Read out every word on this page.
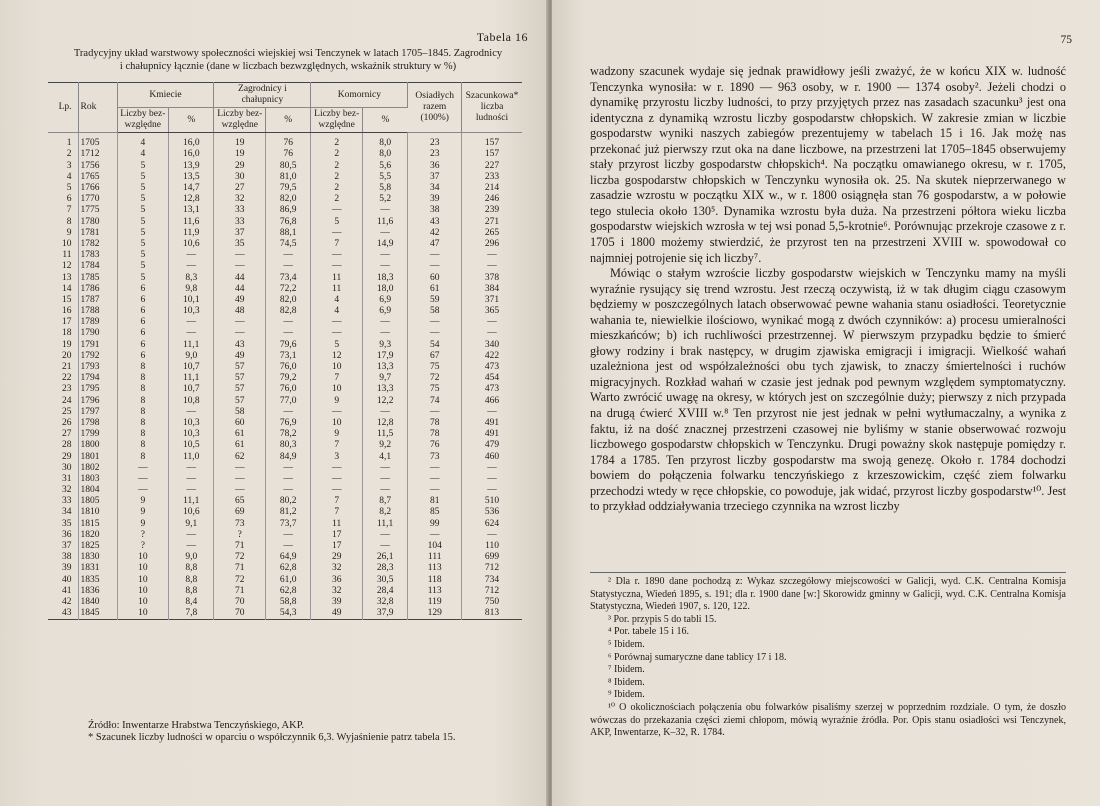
Tabela 16
Tradycyjny układ warstwowy społeczności wiejskiej wsi Tenczynek w latach 1705–1845. Zagrodnicy
i chałupnicy łącznie (dane w liczbach bezwzględnych, wskaźnik struktury w %)
Lp.	Rok	Kmiecie		Zagrodnicy i chałupnicy		Komornicy		Osiadłych razem (100%)	Szacunkowa* liczba ludności
		Liczby bez-względne	%	Liczby bez-względne	%	Liczby bez-względne	%		
1	1705	4	16,0	19	76	2	8,0	23	157
2	1712	4	16,0	19	76	2	8,0	23	157
3	1756	5	13,9	29	80,5	2	5,6	36	227
4	1765	5	13,5	30	81,0	2	5,5	37	233
5	1766	5	14,7	27	79,5	2	5,8	34	214
6	1770	5	12,8	32	82,0	2	5,2	39	246
7	1775	5	13,1	33	86,9	—	—	38	239
8	1780	5	11,6	33	76,8	5	11,6	43	271
9	1781	5	11,9	37	88,1	—	—	42	265
10	1782	5	10,6	35	74,5	7	14,9	47	296
11	1783	5	—	—	—	—	—	—	—
12	1784	5	—	—	—	—	—	—	—
13	1785	5	8,3	44	73,4	11	18,3	60	378
14	1786	6	9,8	44	72,2	11	18,0	61	384
15	1787	6	10,1	49	82,0	4	6,9	59	371
16	1788	6	10,3	48	82,8	4	6,9	58	365
17	1789	6	—	—	—	—	—	—	—
18	1790	6	—	—	—	—	—	—	—
19	1791	6	11,1	43	79,6	5	9,3	54	340
20	1792	6	9,0	49	73,1	12	17,9	67	422
21	1793	8	10,7	57	76,0	10	13,3	75	473
22	1794	8	11,1	57	79,2	7	9,7	72	454
23	1795	8	10,7	57	76,0	10	13,3	75	473
24	1796	8	10,8	57	77,0	9	12,2	74	466
25	1797	8	—	58	—	—	—	—	—
26	1798	8	10,3	60	76,9	10	12,8	78	491
27	1799	8	10,3	61	78,2	9	11,5	78	491
28	1800	8	10,5	61	80,3	7	9,2	76	479
29	1801	8	11,0	62	84,9	3	4,1	73	460
30	1802	—	—	—	—	—	—	—	—
31	1803	—	—	—	—	—	—	—	—
32	1804	—	—	—	—	—	—	—	—
33	1805	9	11,1	65	80,2	7	8,7	81	510
34	1810	9	10,6	69	81,2	7	8,2	85	536
35	1815	9	9,1	73	73,7	11	11,1	99	624
36	1820	?	—	?	—	17	—	—	—
37	1825	?	—	71	—	17	—	104	110
38	1830	10	9,0	72	64,9	29	26,1	111	699
39	1831	10	8,8	71	62,8	32	28,3	113	712
40	1835	10	8,8	72	61,0	36	30,5	118	734
41	1836	10	8,8	71	62,8	32	28,4	113	712
42	1840	10	8,4	70	58,8	39	32,8	119	750
43	1845	10	7,8	70	54,3	49	37,9	129	813
Źródło: Inwentarze Hrabstwa Tenczyńskiego, AKP.
* Szacunek liczby ludności w oparciu o współczynnik 6,3. Wyjaśnienie patrz tabela 15.
75

wadzony szacunek wydaje się jednak prawidłowy jeśli zważyć, że w końcu XIX w. ludność Tenczynka wynosiła: w r. 1890 — 963 osoby, w r. 1900 — 1374 osoby². Jeżeli chodzi o dynamikę przyrostu liczby ludności, to przy przyjętych przez nas zasadach szacunku³ jest ona identyczna z dynamiką wzrostu liczby gospodarstw chłopskich. W zakresie zmian w liczbie gospodarstw wyniki naszych zabiegów prezentujemy w tabelach 15 i 16. Jak możę nas przekonać już pierwszy rzut oka na dane liczbowe, na przestrzeni lat 1705–1845 obserwujemy stały przyrost liczby gospodarstw chłopskich⁴. Na początku omawianego okresu, w r. 1705, liczba gospodarstw chłopskich w Tenczynku wynosiła ok. 25. Na skutek nieprzerwanego w zasadzie wzrostu w początku XIX w., w r. 1800 osiągnęła stan 76 gospodarstw, a w połowie tego stulecia około 130⁵. Dynamika wzrostu była duża. Na przestrzeni półtora wieku liczba gospodarstw wiejskich wzrosła w tej wsi ponad 5,5-krotnie⁶. Porównując przekroje czasowe z r. 1705 i 1800 możemy stwierdzić, że przyrost ten na przestrzeni XVIII w. spowodował co najmniej potrojenie się ich liczby⁷.

Mówiąc o stałym wzroście liczby gospodarstw wiejskich w Tenczynku mamy na myśli wyraźnie rysujący się trend wzrostu. Jest rzeczą oczywistą, iż w tak długim ciągu czasowym będziemy w poszczególnych latach obserwować pewne wahania stanu osiadłości. Teoretycznie wahania te, niewielkie ilościowo, wynikać mogą z dwóch czynników: a) procesu umieralności mieszkańców; b) ich ruchliwości przestrzennej. W pierwszym przypadku będzie to śmierć głowy rodziny i brak następcy, w drugim zjawiska emigracji i imigracji. Wielkość wahań uzależniona jest od współzależności obu tych zjawisk, to znaczy śmiertelności i ruchów migracyjnych. Rozkład wahań w czasie jest jednak pod pewnym względem symptomatyczny. Warto zwrócić uwagę na okresy, w których jest on szczególnie duży; pierwszy z nich przypada na drugą ćwierć XVIII w.⁸ Ten przyrost nie jest jednak w pełni wytłumaczalny, a wynika z faktu, iż na dość znacznej przestrzeni czasowej nie byliśmy w stanie obserwować rozwoju liczbowego gospodarstw chłopskich w Tenczynku. Drugi poważny skok następuje pomiędzy r. 1784 a 1785. Ten przyrost liczby gospodarstw ma swoją genezę. Około r. 1784 dochodzi bowiem do połączenia folwarku tenczyńskiego z krzeszowickim, część ziem folwarku przechodzi wtedy w ręce chłopskie, co powoduje, jak widać, przyrost liczby gospodarstw¹⁰. Jest to przykład oddziaływania trzeciego czynnika na wzrost liczby

² Dla r. 1890 dane pochodzą z: Wykaz szczegółowy miejscowości w Galicji, wyd. C.K. Centralna Komisja Statystyczna, Wiedeń 1895, s. 191; dla r. 1900 dane [w:] Skorowidz gminny w Galicji, wyd. C.K. Centralna Komisja Statystyczna, Wiedeń 1907, s. 120, 122.
³ Por. przypis 5 do tabli 15.
⁴ Por. tabele 15 i 16.
⁵ Ibidem.
⁶ Porównaj sumaryczne dane tablicy 17 i 18.
⁷ Ibidem.
⁸ Ibidem.
⁹ Ibidem.
¹⁰ O okolicznościach połączenia obu folwarków pisaliśmy szerzej w poprzednim rozdziale. O tym, że doszło wówczas do przekazania części ziemi chłopom, mówią wyraźnie źródła. Por. Opis stanu osiadłości wsi Tenczynek, AKP, Inwentarze, K–32, R. 1784.
